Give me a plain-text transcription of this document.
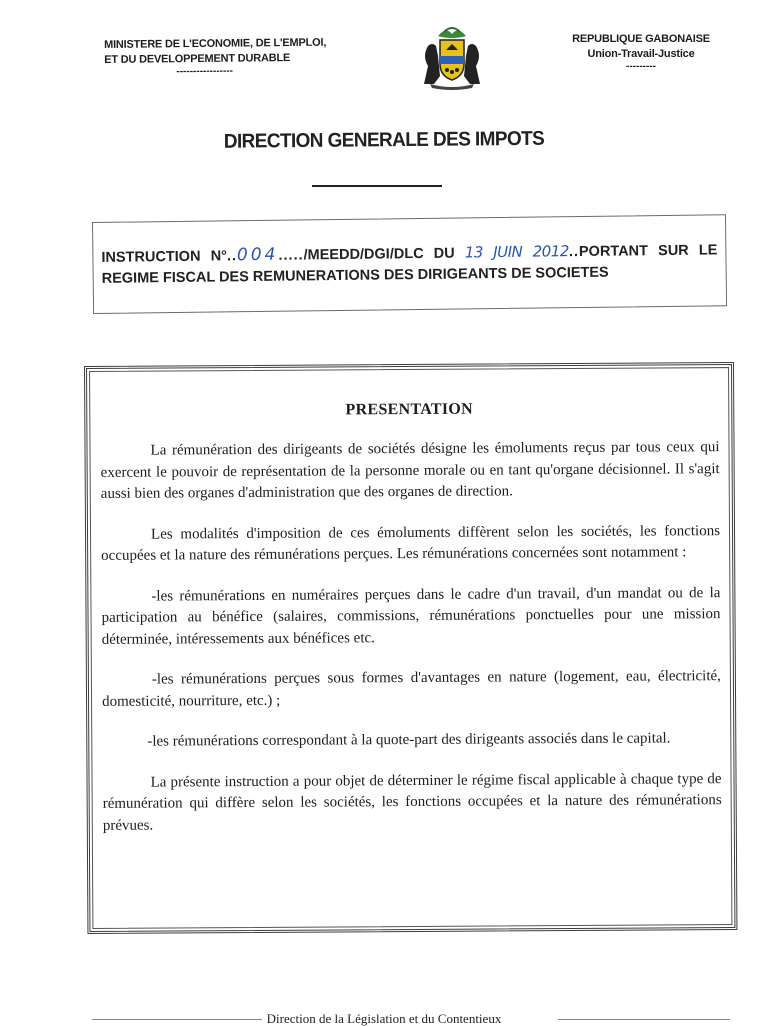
MINISTERE DE L'ECONOMIE, DE L'EMPLOI,
ET DU DEVELOPPEMENT DURABLE
-----------------
REPUBLIQUE GABONAISE
Union-Travail-Justice
---------
DIRECTION GENERALE DES IMPOTS
INSTRUCTION N°..004...../MEEDD/DGI/DLC DU 13 JUIN 2012..PORTANT SUR LE REGIME FISCAL DES REMUNERATIONS DES DIRIGEANTS DE SOCIETES
PRESENTATION

La rémunération des dirigeants de sociétés désigne les émoluments reçus par tous ceux qui exercent le pouvoir de représentation de la personne morale ou en tant qu'organe décisionnel. Il s'agit aussi bien des organes d'administration que des organes de direction.

Les modalités d'imposition de ces émoluments diffèrent selon les sociétés, les fonctions occupées et la nature des rémunérations perçues. Les rémunérations concernées sont notamment :

-les rémunérations en numéraires perçues dans le cadre d'un travail, d'un mandat ou de la participation au bénéfice (salaires, commissions, rémunérations ponctuelles pour une mission déterminée, intéressements aux bénéfices etc.

-les rémunérations perçues sous formes d'avantages en nature (logement, eau, électricité, domesticité, nourriture, etc.) ;

-les rémunérations correspondant à la quote-part des dirigeants associés dans le capital.

La présente instruction a pour objet de déterminer le régime fiscal applicable à chaque type de rémunération qui diffère selon les sociétés, les fonctions occupées et la nature des rémunérations prévues.

Direction de la Législation et du Contentieux
